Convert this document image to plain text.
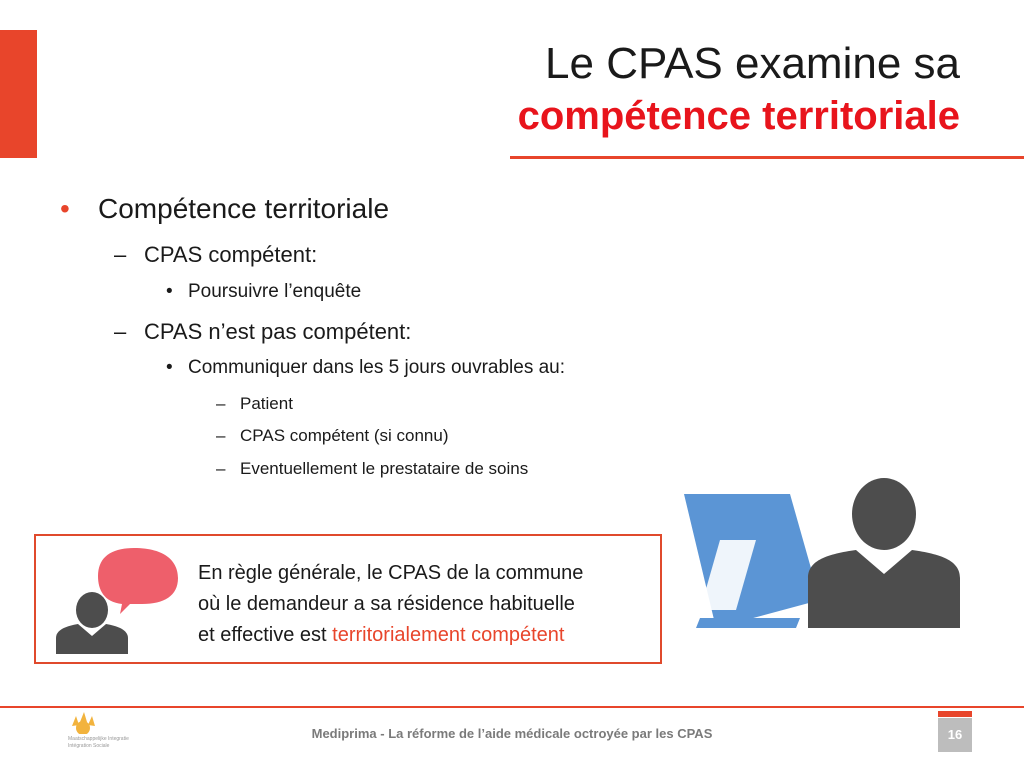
Le CPAS examine sa
compétence territoriale
• Compétence territoriale
– CPAS compétent:
• Poursuivre l’enquête
– CPAS n’est pas compétent:
• Communiquer dans les 5 jours ouvrables au:
– Patient
– CPAS compétent (si connu)
– Eventuellement le prestataire de soins
En règle générale, le CPAS de la commune
où le demandeur a sa résidence habituelle
et effective est territorialement compétent
Maatschappelijke Integratie
Intégration Sociale
Mediprima - La réforme de l’aide médicale octroyée par les CPAS	16
